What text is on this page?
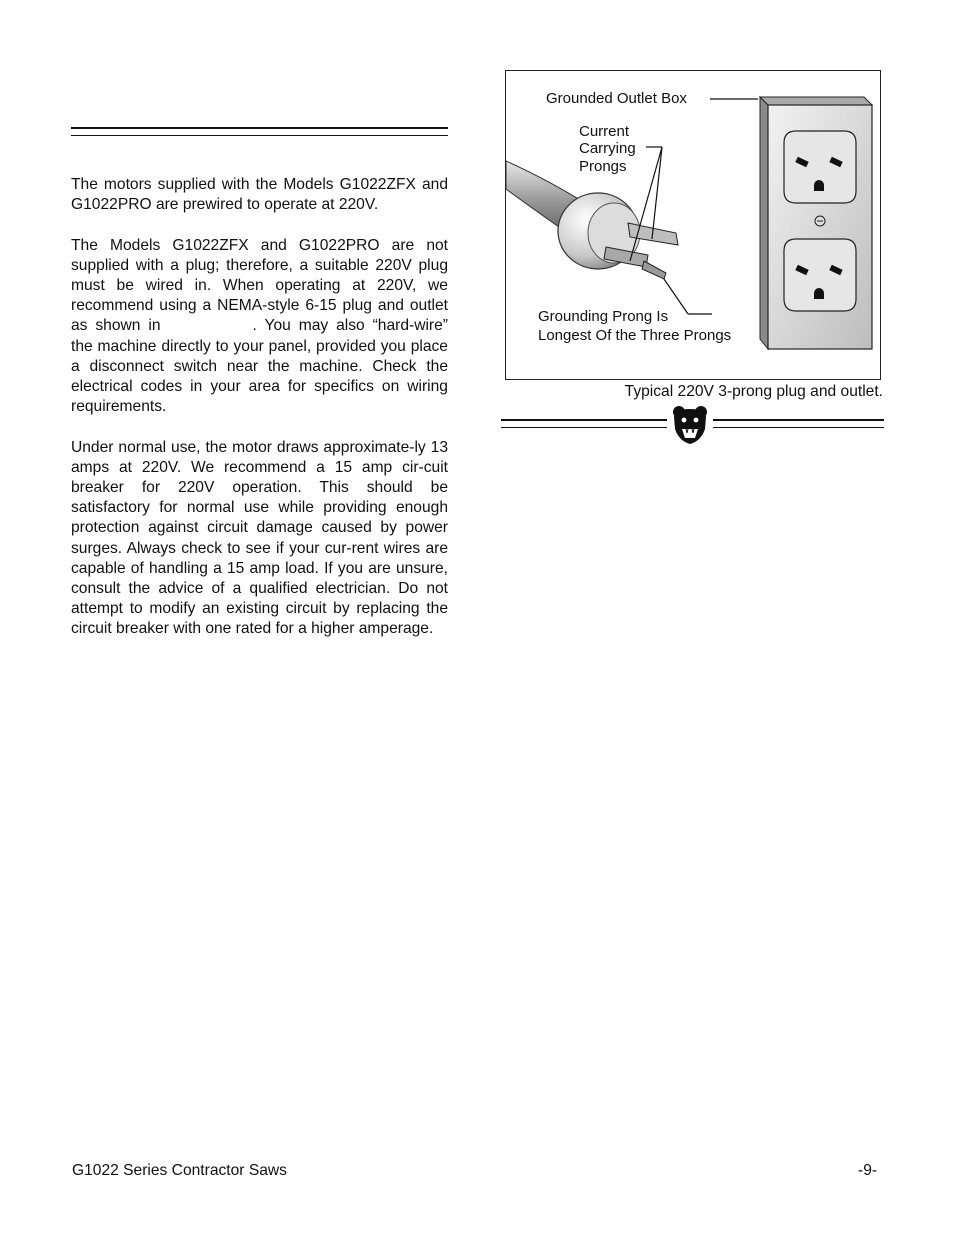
The motors supplied with the Models G1022ZFX and G1022PRO are prewired to operate at 220V.

The Models G1022ZFX and G1022PRO are not supplied with a plug; therefore, a suitable 220V plug must be wired in. When operating at 220V, we recommend using a NEMA-style 6-15 plug and outlet as shown in	. You may also “hard-wire” the machine directly to your panel, provided you place a disconnect switch near the machine. Check the electrical codes in your area for specifics on wiring requirements.

Under normal use, the motor draws approximate-ly 13 amps at 220V. We recommend a 15 amp cir-cuit breaker for 220V operation. This should be satisfactory for normal use while providing enough protection against circuit damage caused by power surges. Always check to see if your cur-rent wires are capable of handling a 15 amp load. If you are unsure, consult the advice of a qualified electrician. Do not attempt to modify an existing circuit by replacing the circuit breaker with one rated for a higher amperage.

Grounded Outlet Box
Current
Carrying
Prongs
Grounding Prong Is
Longest Of the Three Prongs
Typical 220V 3-prong plug and outlet.
G1022 Series Contractor Saws	-9-
